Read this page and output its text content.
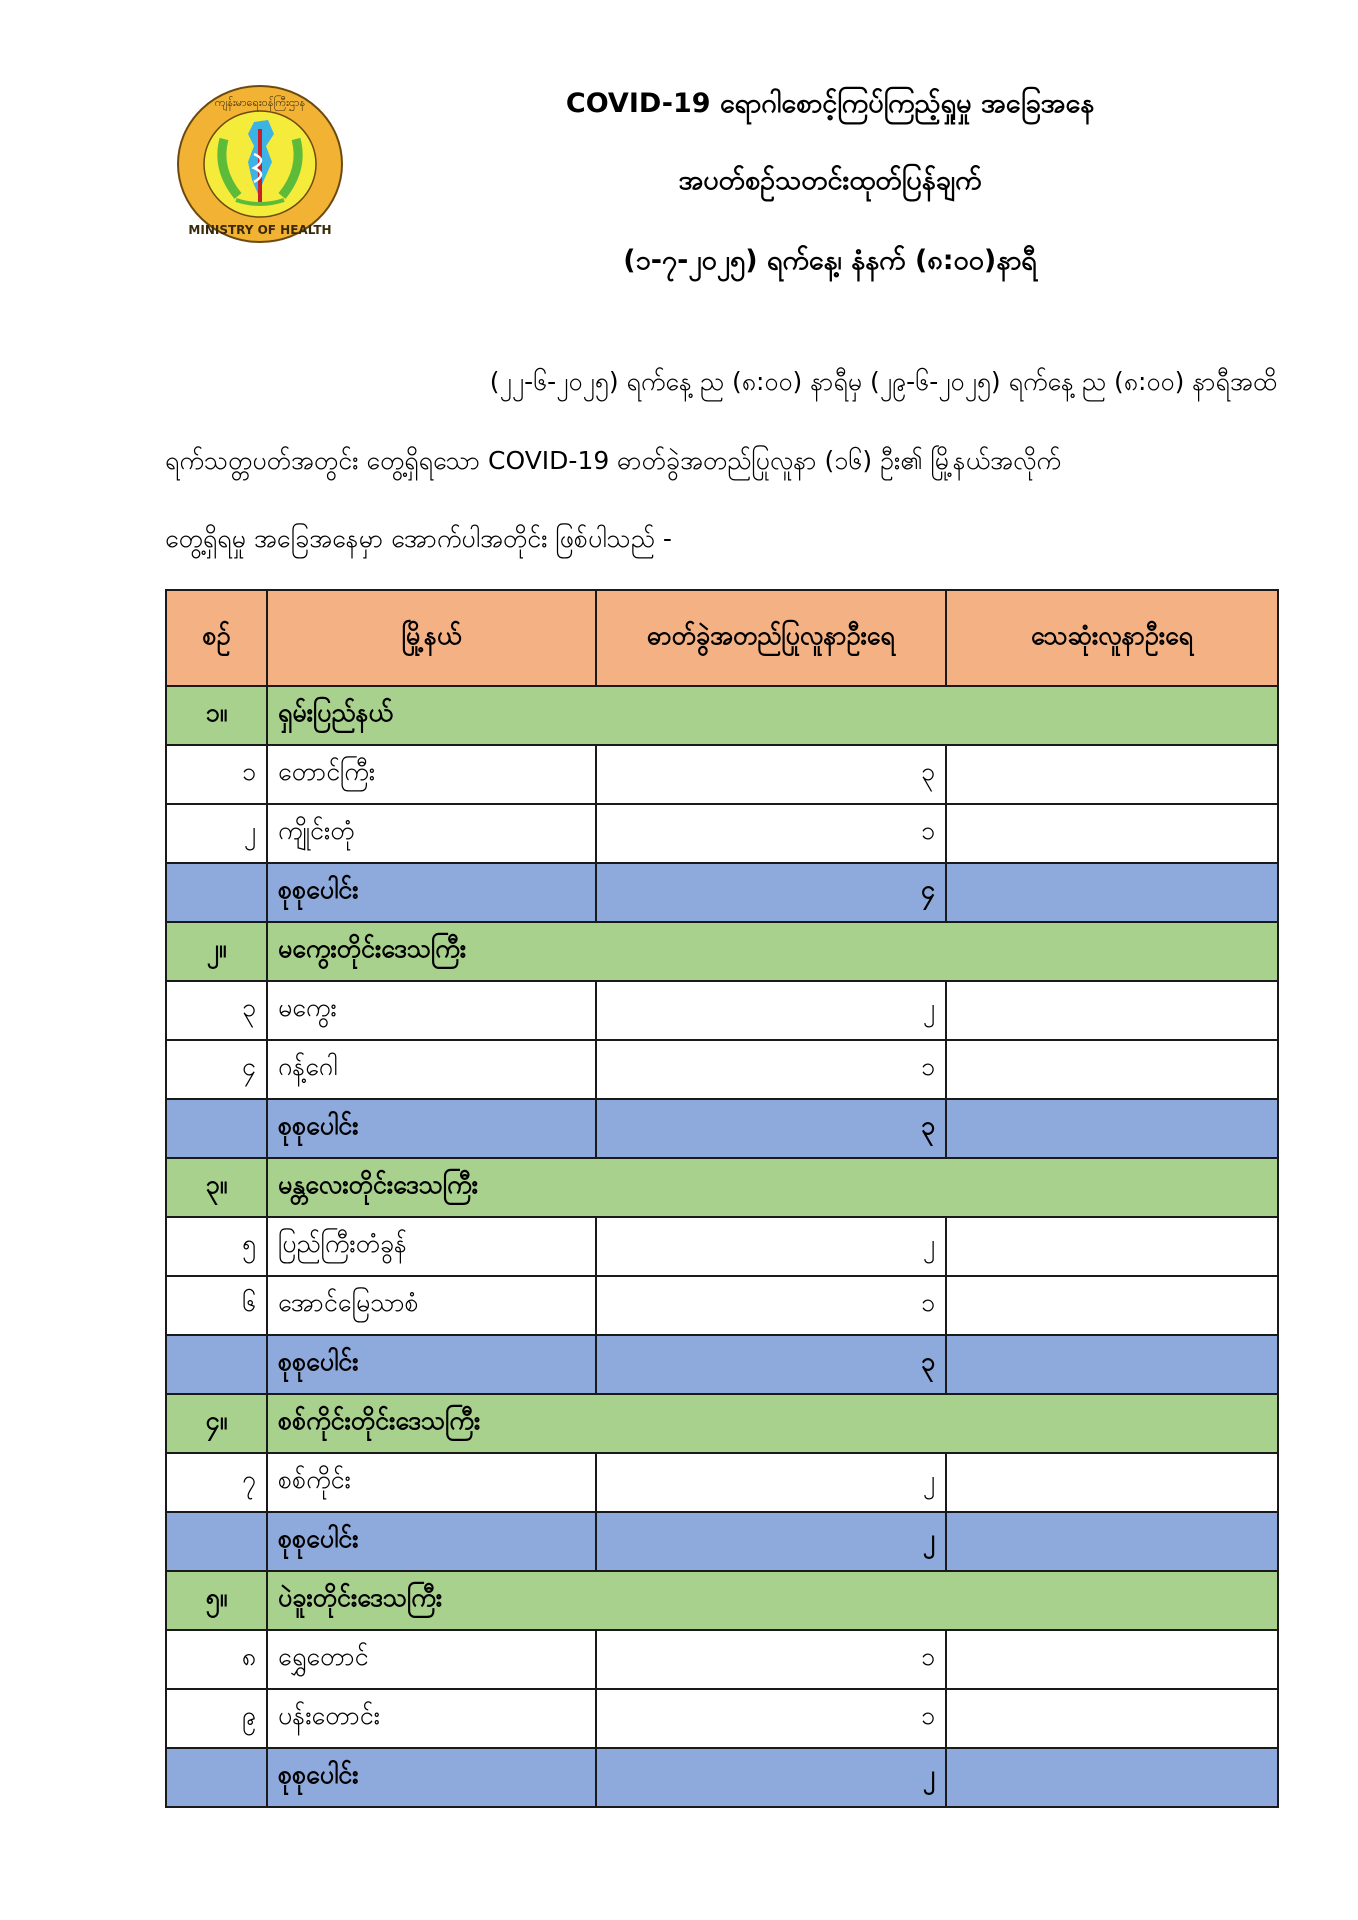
ကျန်းမာရေးဝန်ကြီးဌာန
MINISTRY OF HEALTH
COVID-19 ရောဂါစောင့်ကြပ်ကြည့်ရှုမှု အခြေအနေ
အပတ်စဉ်သတင်းထုတ်ပြန်ချက်
(၁-၇-၂၀၂၅) ရက်နေ့၊ နံနက် (၈:၀၀)နာရီ
(၂၂-၆-၂၀၂၅) ရက်နေ့ ည (၈:၀၀) နာရီမှ (၂၉-၆-၂၀၂၅) ရက်နေ့ ည (၈:၀၀) နာရီအထိ
ရက်သတ္တပတ်အတွင်း တွေ့ရှိရသော COVID-19 ဓာတ်ခွဲအတည်ပြုလူနာ (၁၆) ဦး၏ မြို့နယ်အလိုက်
တွေ့ရှိရမှု အခြေအနေမှာ အောက်ပါအတိုင်း ဖြစ်ပါသည် -
စဉ်	မြို့နယ်	ဓာတ်ခွဲအတည်ပြုလူနာဦးရေ	သေဆုံးလူနာဦးရေ
၁။	ရှမ်းပြည်နယ်		
၁	တောင်ကြီး	၃	
၂	ကျိုင်းတုံ	၁	
	စုစုပေါင်း	၄	
၂။	မကွေးတိုင်းဒေသကြီး		
၃	မကွေး	၂	
၄	ဂန့်ဂေါ	၁	
	စုစုပေါင်း	၃	
၃။	မန္တလေးတိုင်းဒေသကြီး		
၅	ပြည်ကြီးတံခွန်	၂	
၆	အောင်မြေသာစံ	၁	
	စုစုပေါင်း	၃	
၄။	စစ်ကိုင်းတိုင်းဒေသကြီး		
၇	စစ်ကိုင်း	၂	
	စုစုပေါင်း	၂	
၅။	ပဲခူးတိုင်းဒေသကြီး		
၈	ရွှေတောင်	၁	
၉	ပန်းတောင်း	၁	
	စုစုပေါင်း	၂	
